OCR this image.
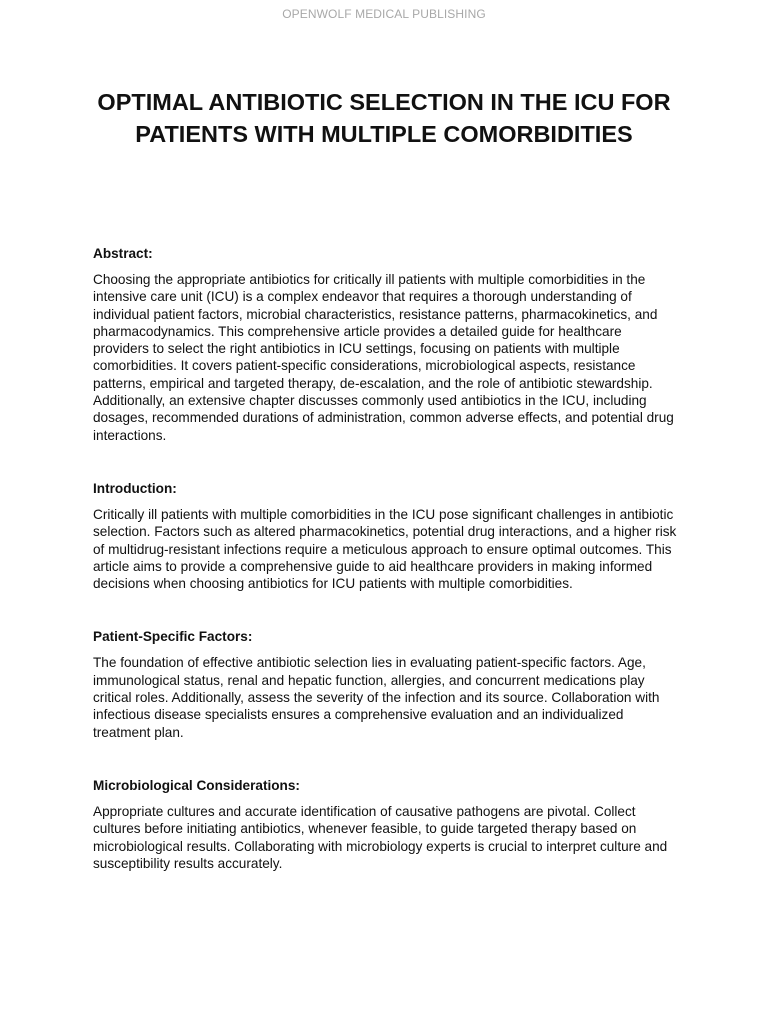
OPENWOLF MEDICAL PUBLISHING
OPTIMAL ANTIBIOTIC SELECTION IN THE ICU FOR PATIENTS WITH MULTIPLE COMORBIDITIES
Abstract:

Choosing the appropriate antibiotics for critically ill patients with multiple comorbidities in the intensive care unit (ICU) is a complex endeavor that requires a thorough understanding of individual patient factors, microbial characteristics, resistance patterns, pharmacokinetics, and pharmacodynamics. This comprehensive article provides a detailed guide for healthcare providers to select the right antibiotics in ICU settings, focusing on patients with multiple comorbidities. It covers patient-specific considerations, microbiological aspects, resistance patterns, empirical and targeted therapy, de-escalation, and the role of antibiotic stewardship. Additionally, an extensive chapter discusses commonly used antibiotics in the ICU, including dosages, recommended durations of administration, common adverse effects, and potential drug interactions.

Introduction:

Critically ill patients with multiple comorbidities in the ICU pose significant challenges in antibiotic selection. Factors such as altered pharmacokinetics, potential drug interactions, and a higher risk of multidrug-resistant infections require a meticulous approach to ensure optimal outcomes. This article aims to provide a comprehensive guide to aid healthcare providers in making informed decisions when choosing antibiotics for ICU patients with multiple comorbidities.

Patient-Specific Factors:

The foundation of effective antibiotic selection lies in evaluating patient-specific factors. Age, immunological status, renal and hepatic function, allergies, and concurrent medications play critical roles. Additionally, assess the severity of the infection and its source. Collaboration with infectious disease specialists ensures a comprehensive evaluation and an individualized treatment plan.

Microbiological Considerations:

Appropriate cultures and accurate identification of causative pathogens are pivotal. Collect cultures before initiating antibiotics, whenever feasible, to guide targeted therapy based on microbiological results. Collaborating with microbiology experts is crucial to interpret culture and susceptibility results accurately.
